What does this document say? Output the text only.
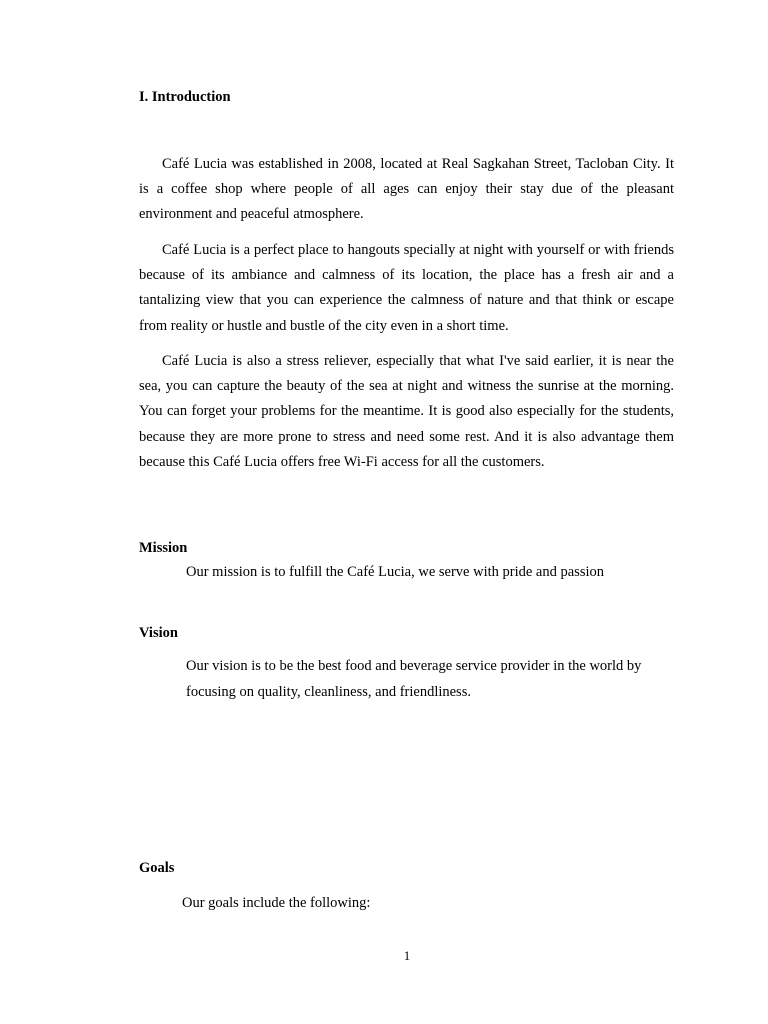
I. Introduction

Café Lucia was established in 2008, located at Real Sagkahan Street, Tacloban City. It is a coffee shop where people of all ages can enjoy their stay due of the pleasant environment and peaceful atmosphere.

Café Lucia is a perfect place to hangouts specially at night with yourself or with friends because of its ambiance and calmness of its location, the place has a fresh air and a tantalizing view that you can experience the calmness of nature and that think or escape from reality or hustle and bustle of the city even in a short time.

Café Lucia is also a stress reliever, especially that what I've said earlier, it is near the sea, you can capture the beauty of the sea at night and witness the sunrise at the morning. You can forget your problems for the meantime. It is good also especially for the students, because they are more prone to stress and need some rest. And it is also advantage them because this Café Lucia offers free Wi-Fi access for all the customers.

Mission

Our mission is to fulfill the Café Lucia, we serve with pride and passion

Vision

Our vision is to be the best food and beverage service provider in the world by focusing on quality, cleanliness, and friendliness.

Goals

Our goals include the following:

1
